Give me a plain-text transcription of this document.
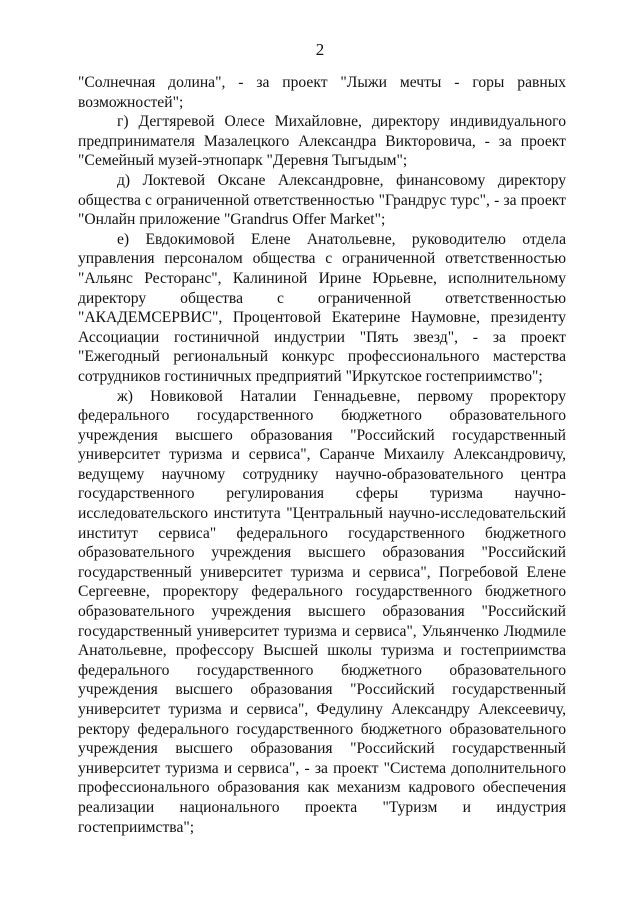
2

"Солнечная долина", - за проект "Лыжи мечты - горы равных возможностей";

г) Дегтяревой Олесе Михайловне, директору индивидуального предпринимателя Мазалецкого Александра Викторовича, - за проект "Семейный музей-этнопарк "Деревня Тыгыдым";

д) Локтевой Оксане Александровне, финансовому директору общества с ограниченной ответственностью "Грандрус турс", - за проект "Онлайн приложение "Grandrus Offer Market";

е) Евдокимовой Елене Анатольевне, руководителю отдела управления персоналом общества с ограниченной ответственностью "Альянс Ресторанс", Калининой Ирине Юрьевне, исполнительному директору общества с ограниченной ответственностью "АКАДЕМСЕРВИС", Процентовой Екатерине Наумовне, президенту Ассоциации гостиничной индустрии "Пять звезд", - за проект "Ежегодный региональный конкурс профессионального мастерства сотрудников гостиничных предприятий "Иркутское гостеприимство";

ж) Новиковой Наталии Геннадьевне, первому проректору федерального государственного бюджетного образовательного учреждения высшего образования "Российский государственный университет туризма и сервиса", Саранче Михаилу Александровичу, ведущему научному сотруднику научно-образовательного центра государственного регулирования сферы туризма научно-исследовательского института "Центральный научно-исследовательский институт сервиса" федерального государственного бюджетного образовательного учреждения высшего образования "Российский государственный университет туризма и сервиса", Погребовой Елене Сергеевне, проректору федерального государственного бюджетного образовательного учреждения высшего образования "Российский государственный университет туризма и сервиса", Ульянченко Людмиле Анатольевне, профессору Высшей школы туризма и гостеприимства федерального государственного бюджетного образовательного учреждения высшего образования "Российский государственный университет туризма и сервиса", Федулину Александру Алексеевичу, ректору федерального государственного бюджетного образовательного учреждения высшего образования "Российский государственный университет туризма и сервиса", - за проект "Система дополнительного профессионального образования как механизм кадрового обеспечения реализации национального проекта "Туризм и индустрия гостеприимства";
